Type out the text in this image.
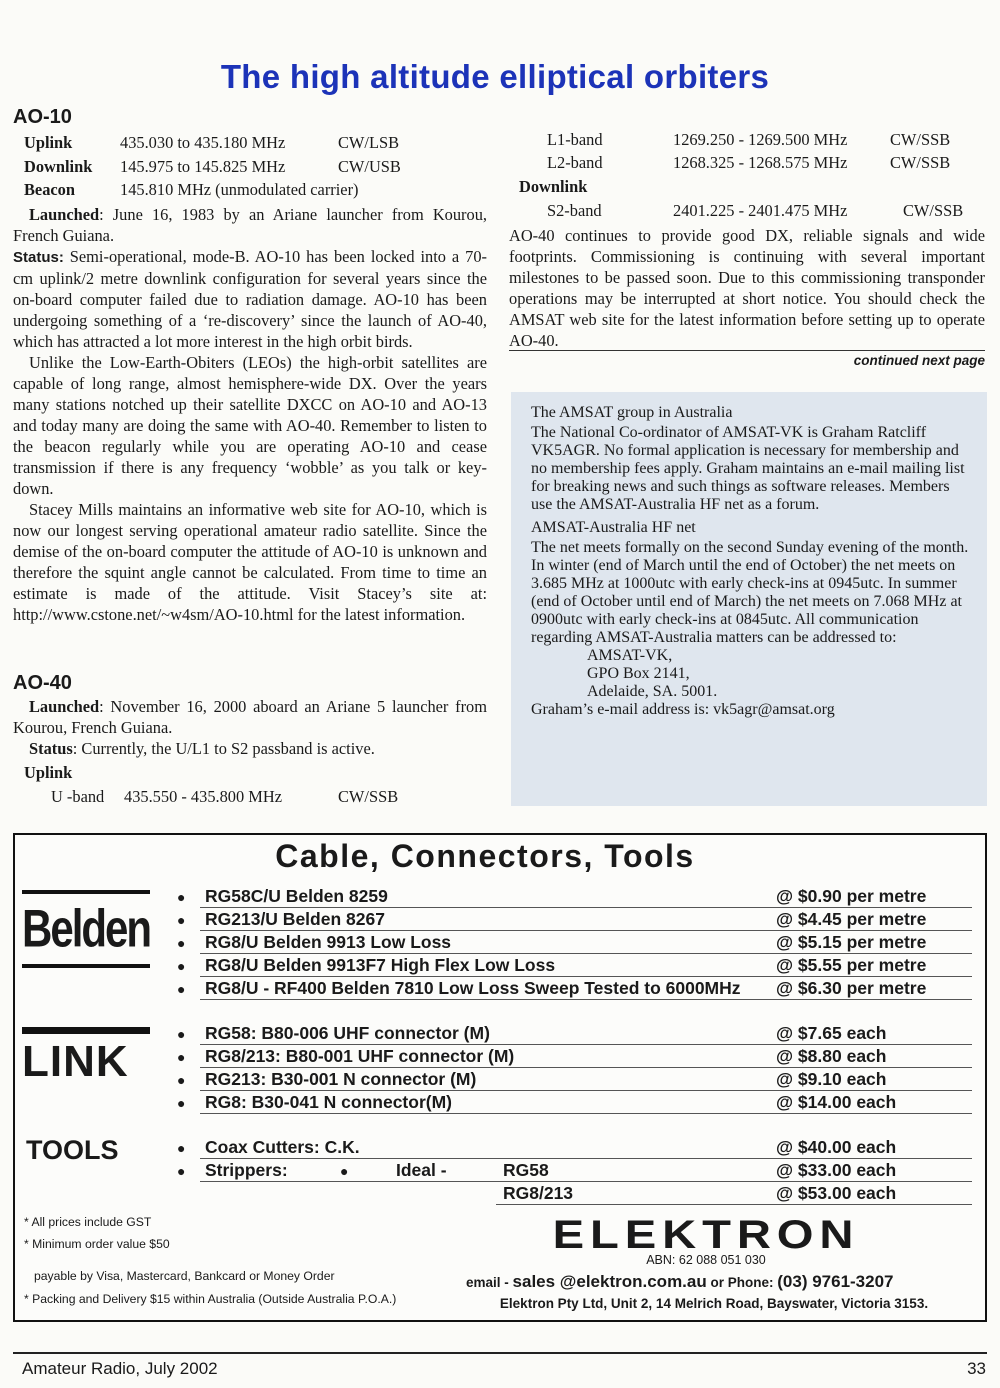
The high altitude elliptical orbiters
AO-10
Uplink	435.030 to 435.180 MHz	CW/LSB
Downlink 145.975 to 145.825 MHz	CW/USB
Beacon	145.810 MHz (unmodulated carrier)

Launched: June 16, 1983 by an Ariane launcher from Kourou, French Guiana.

Status: Semi-operational, mode-B. AO-10 has been locked into a 70-cm uplink/2 metre downlink configuration for several years since the on-board computer failed due to radiation damage. AO-10 has been undergoing something of a ‘re-discovery’ since the launch of AO-40, which has attracted a lot more interest in the high orbit birds.

Unlike the Low-Earth-Obiters (LEOs) the high-orbit satellites are capable of long range, almost hemisphere-wide DX. Over the years many stations notched up their satellite DXCC on AO-10 and AO-13 and today many are doing the same with AO-40. Remember to listen to the beacon regularly while you are operating AO-10 and cease transmission if there is any frequency ‘wobble’ as you talk or key-down.

Stacey Mills maintains an informative web site for AO-10, which is now our longest serving operational amateur radio satellite. Since the demise of the on-board computer the attitude of AO-10 is unknown and therefore the squint angle cannot be calculated. From time to time an estimate is made of the attitude. Visit Stacey’s site at: http://www.cstone.net/~w4sm/AO-10.html for the latest information.

AO-40

Launched: November 16, 2000 aboard an Ariane 5 launcher from Kourou, French Guiana.

Status: Currently, the U/L1 to S2 passband is active.

Uplink
U -band 435.550 - 435.800 MHz	CW/SSB
L1-band	1269.250 - 1269.500 MHz	CW/SSB
L2-band	1268.325 - 1268.575 MHz	CW/SSB
Downlink
S2-band	2401.225 - 2401.475 MHz	CW/SSB
AO-40 continues to provide good DX, reliable signals and wide footprints. Commissioning is continuing with several important milestones to be passed soon. Due to this commissioning transponder operations may be interrupted at short notice. You should check the AMSAT web site for the latest information before setting up to operate AO-40.
continued next page
The AMSAT group in Australia
The National Co-ordinator of AMSAT-VK is Graham Ratcliff VK5AGR. No formal application is necessary for membership and no membership fees apply. Graham maintains an e-mail mailing list for breaking news and such things as software releases. Members use the AMSAT-Australia HF net as a forum.
AMSAT-Australia HF net
The net meets formally on the second Sunday evening of the month. In winter (end of March until the end of October) the net meets on 3.685 MHz at 1000utc with early check-ins at 0945utc. In summer (end of October until end of March) the net meets on 7.068 MHz at 0900utc with early check-ins at 0845utc. All communication regarding AMSAT-Australia matters can be addressed to:
AMSAT-VK,
GPO Box 2141,
Adelaide, SA. 5001.
Graham’s e-mail address is: vk5agr@amsat.org
Cable, Connectors, Tools
Belden
LINK
TOOLS
● RG58C/U Belden 8259	@ $0.90 per metre
● RG213/U Belden 8267	@ $4.45 per metre
● RG8/U Belden 9913 Low Loss	@ $5.15 per metre
● RG8/U Belden 9913F7 High Flex Low Loss	@ $5.55 per metre
● RG8/U - RF400 Belden 7810 Low Loss Sweep Tested to 6000MHz @ $6.30 per metre
● RG58: B80-006 UHF connector (M)	@ $7.65 each
● RG8/213: B80-001 UHF connector (M)	@ $8.80 each
● RG213: B30-001 N connector (M)	@ $9.10 each
● RG8: B30-041 N connector(M)	@ $14.00 each
● Coax Cutters: C.K.	@ $40.00 each
● Strippers:	●	Ideal -	RG58	@ $33.00 each
RG8/213	@ $53.00 each
* All prices include GST
* Minimum order value $50
payable by Visa, Mastercard, Bankcard or Money Order
* Packing and Delivery $15 within Australia (Outside Australia P.O.A.)
ELEKTRON
ABN: 62 088 051 030
email - sales @elektron.com.au or Phone: (03) 9761-3207
Elektron Pty Ltd, Unit 2, 14 Melrich Road, Bayswater, Victoria 3153.
Amateur Radio, July 2002	33
